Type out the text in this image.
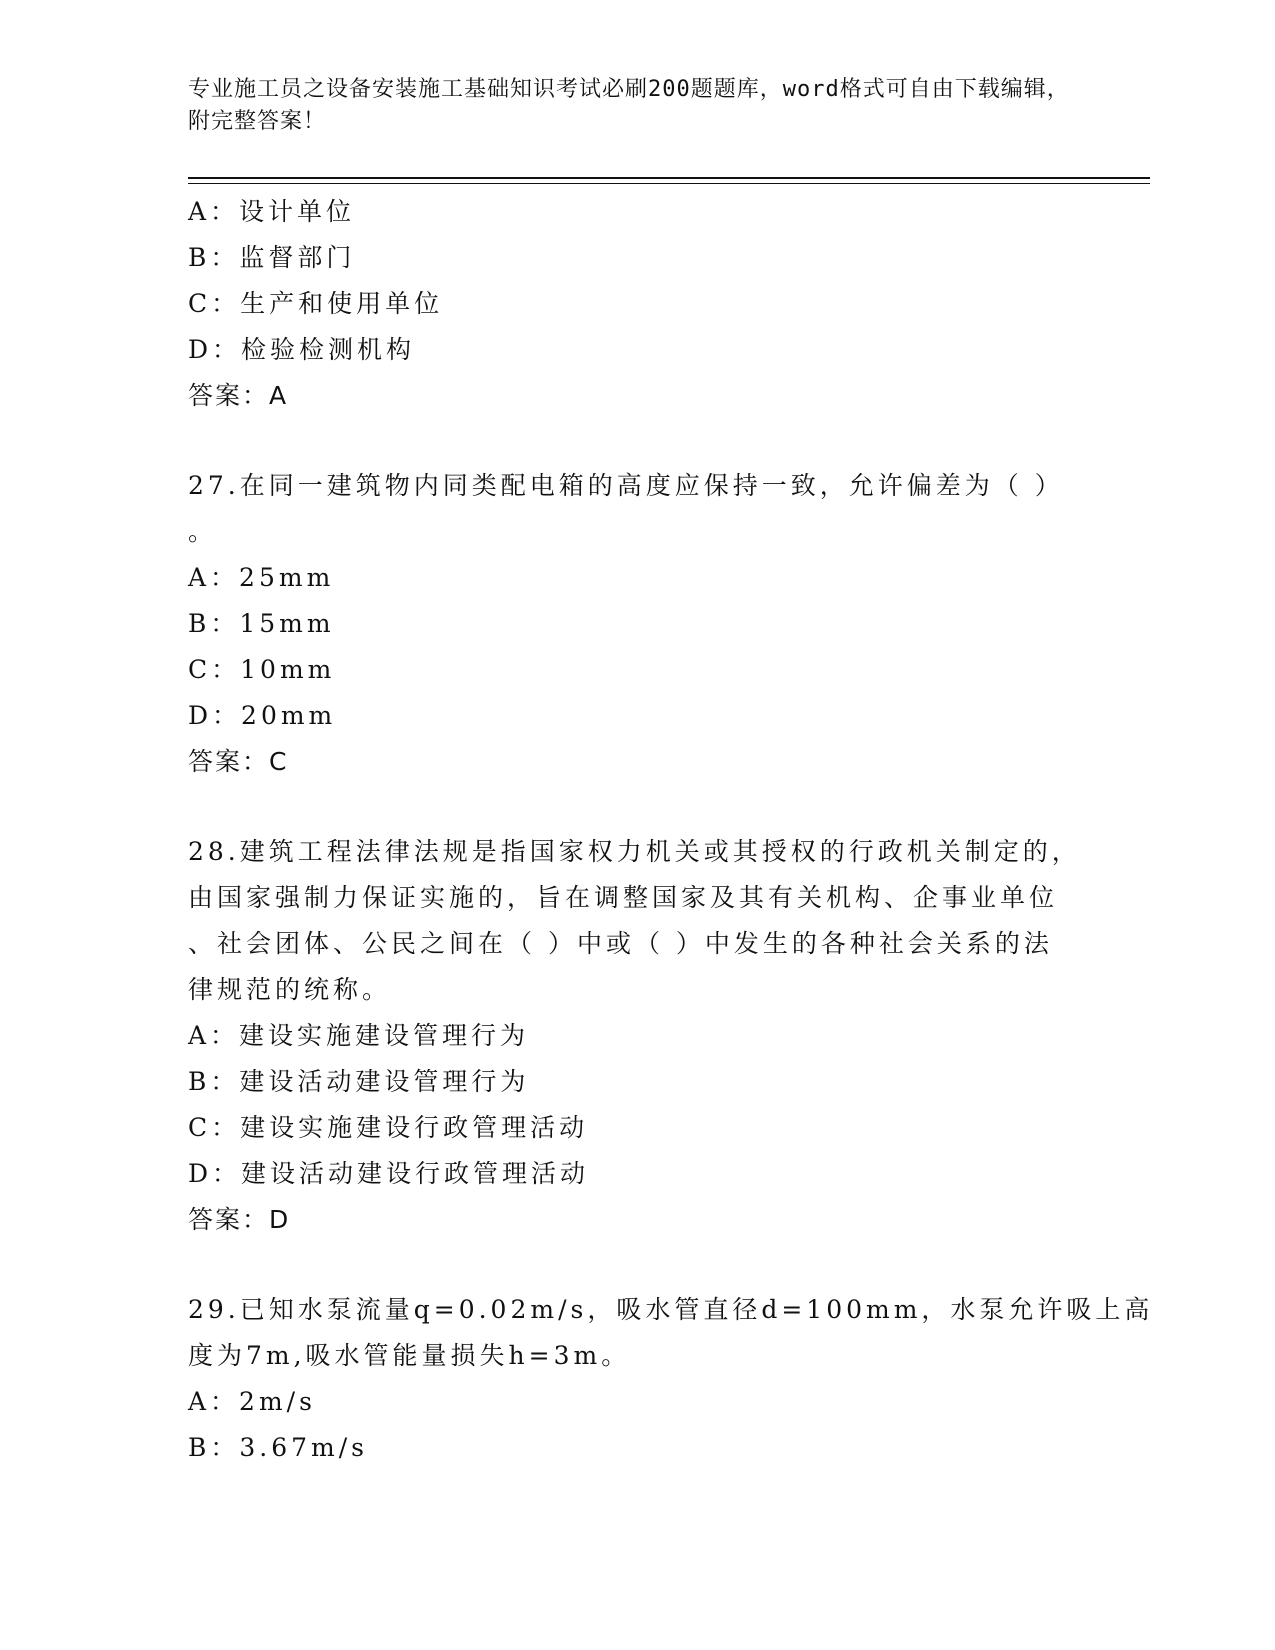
专业施工员之设备安装施工基础知识考试必刷200题题库，word格式可自由下载编辑，附完整答案！
A：设计单位
B：监督部门
C：生产和使用单位
D：检验检测机构
答案：A
27.在同一建筑物内同类配电箱的高度应保持一致，允许偏差为（ ）
。
A：25mm
B：15mm
C：10mm
D：20mm
答案：C
28.建筑工程法律法规是指国家权力机关或其授权的行政机关制定的，
由国家强制力保证实施的，旨在调整国家及其有关机构、企事业单位
、社会团体、公民之间在（ ）中或（ ）中发生的各种社会关系的法
律规范的统称。
A：建设实施建设管理行为
B：建设活动建设管理行为
C：建设实施建设行政管理活动
D：建设活动建设行政管理活动
答案：D
29.已知水泵流量q=0.02m/s，吸水管直径d=100mm，水泵允许吸上高
度为7m,吸水管能量损失h=3m。
A：2m/s
B：3.67m/s
